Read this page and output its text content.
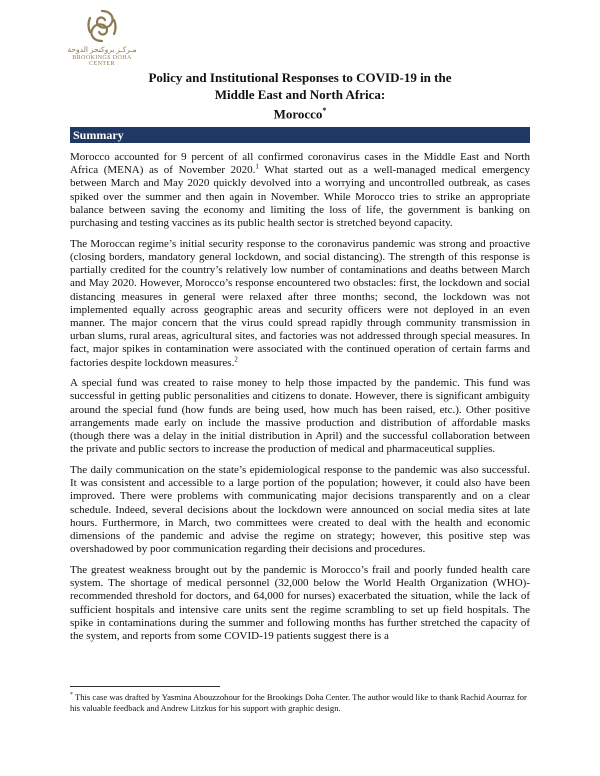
مـركـز بروكنجز الدوحة
BROOKINGS DOHA CENTER
Policy and Institutional Responses to COVID-19 in the
Middle East and North Africa:
Morocco*
Summary

Morocco accounted for 9 percent of all confirmed coronavirus cases in the Middle East and North Africa (MENA) as of November 2020.$^1$ What started out as a well-managed medical emergency between March and May 2020 quickly devolved into a worrying and uncontrolled outbreak, as cases spiked over the summer and then again in November. While Morocco tries to strike an appropriate balance between saving the economy and limiting the loss of life, the government is banking on purchasing and testing vaccines as its public health sector is stretched beyond capacity.

The Moroccan regime’s initial security response to the coronavirus pandemic was strong and proactive (closing borders, mandatory general lockdown, and social distancing). The strength of this response is partially credited for the country’s relatively low number of contaminations and deaths between March and May 2020. However, Morocco’s response encountered two obstacles: first, the lockdown and social distancing measures in general were relaxed after three months; second, the lockdown was not implemented equally across geographic areas and security officers were not deployed in an even manner. The major concern that the virus could spread rapidly through community transmission in urban slums, rural areas, agricultural sites, and factories was not addressed through special measures. In fact, major spikes in contamination were associated with the continued operation of certain farms and factories despite lockdown measures.$^2$

A special fund was created to raise money to help those impacted by the pandemic. This fund was successful in getting public personalities and citizens to donate. However, there is significant ambiguity around the special fund (how funds are being used, how much has been raised, etc.). Other positive arrangements made early on include the massive production and distribution of affordable masks (though there was a delay in the initial distribution in April) and the successful collaboration between the private and public sectors to increase the production of medical and pharmaceutical supplies.

The daily communication on the state’s epidemiological response to the pandemic was also successful. It was consistent and accessible to a large portion of the population; however, it could also have been improved. There were problems with communicating major decisions transparently and on a clear schedule. Indeed, several decisions about the lockdown were announced on social media sites at late hours. Furthermore, in March, two committees were created to deal with the health and economic dimensions of the pandemic and advise the regime on strategy; however, this positive step was overshadowed by poor communication regarding their decisions and procedures.

The greatest weakness brought out by the pandemic is Morocco’s frail and poorly funded health care system. The shortage of medical personnel (32,000 below the World Health Organization (WHO)-recommended threshold for doctors, and 64,000 for nurses) exacerbated the situation, while the lack of sufficient hospitals and intensive care units sent the regime scrambling to set up field hospitals. The spike in contaminations during the summer and following months has further stretched the capacity of the system, and reports from some COVID-19 patients suggest there is a

* This case was drafted by Yasmina Abouzzohour for the Brookings Doha Center. The author would like to thank Rachid Aourraz for his valuable feedback and Andrew Litzkus for his support with graphic design.
